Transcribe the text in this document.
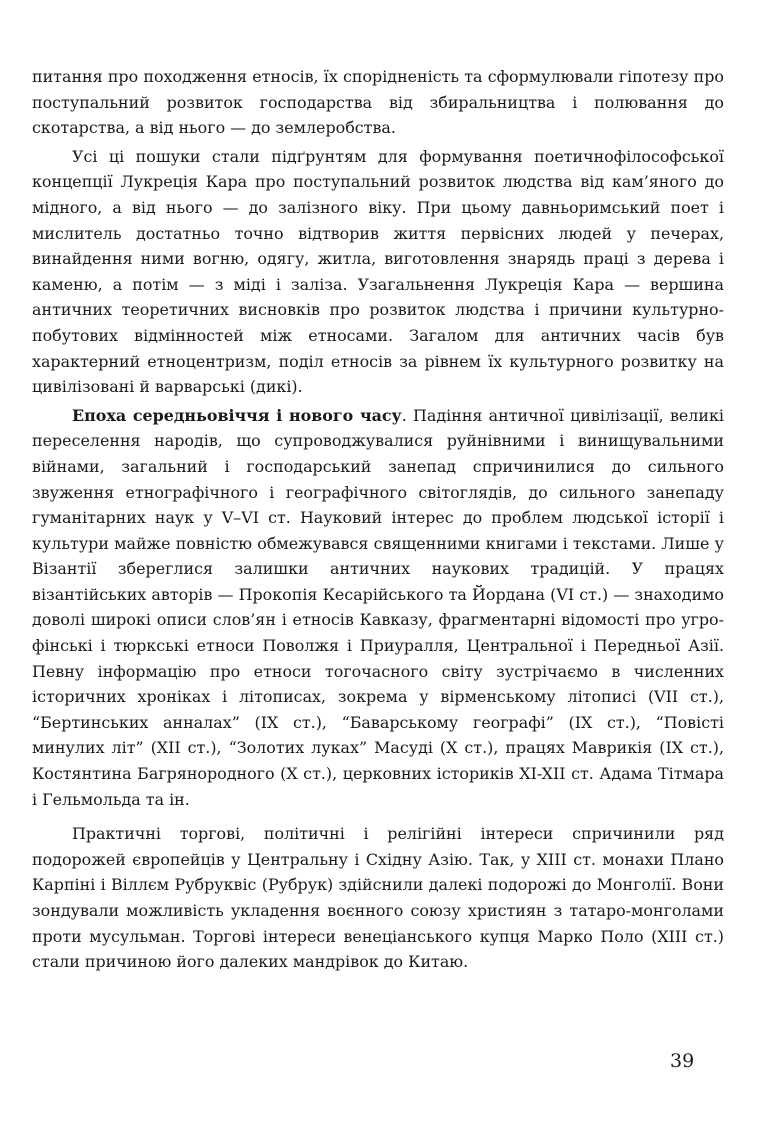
питання про походження етносів, їх спорідненість та сформулювали гіпотезу про поступальний розвиток господарства від збиральництва і полювання до скотарства, а від нього — до землеробства.

Усі ці пошуки стали підґрунтям для формування поетичнофілософської концепції Лукреція Кара про поступальний розвиток людства від кам’яного до мідного, а від нього — до залізного віку. При цьому давньоримський поет і мислитель достатньо точно відтворив життя первісних людей у печерах, винайдення ними вогню, одягу, житла, виготовлення знарядь праці з дерева і каменю, а потім — з міді і заліза. Узагальнення Лукреція Кара — вершина античних теоретичних висновків про розвиток людства і причини культурно-побутових відмінностей між етносами. Загалом для античних часів був характерний етноцентризм, поділ етносів за рівнем їх культурного розвитку на цивілізовані й варварські (дикі).

Епоха середньовіччя і нового часу. Падіння античної цивілізації, великі переселення народів, що супроводжувалися руйнівними і винищувальними війнами, загальний і господарський занепад спричинилися до сильного звуження етнографічного і географічного світоглядів, до сильного занепаду гуманітарних наук у V–VI ст. Науковий інтерес до проблем людської історії і культури майже повністю обмежувався священними книгами і текстами. Лише у Візантії збереглися залишки античних наукових традицій. У працях візантійських авторів — Прокопія Кесарійського та Йордана (VI ст.) — знаходимо доволі широкі описи слов’ян і етносів Кавказу, фрагментарні відомості про угро-фінські і тюркські етноси Поволжя і Приуралля, Центральної і Передньої Азії. Певну інформацію про етноси тогочасного світу зустрічаємо в численних історичних хроніках і літописах, зокрема у вірменському літописі (VII ст.), “Бертинських анналах” (IX ст.), “Баварському географі” (IX ст.), “Повісті минулих літ” (XII ст.), “Золотих луках” Масуді (X ст.), працях Маврикія (IX ст.), Костянтина Багрянородного (X ст.), церковних історикiв XI-XII ст. Адама Тітмара і Гельмольда та ін.

Практичні торгові, політичні і релігійні інтереси спричинили ряд подорожей європейців у Центральну і Східну Азію. Так, у XIII ст. монахи Плано Карпіні і Віллєм Рубруквіс (Рубрук) здійснили далекі подорожі до Монголії. Вони зондували можливість укладення воєнного союзу християн з татаро-монголами проти мусульман. Торгові інтереси венеціанського купця Марко Поло (XIII ст.) стали причиною його далеких мандрівок до Китаю.

39
